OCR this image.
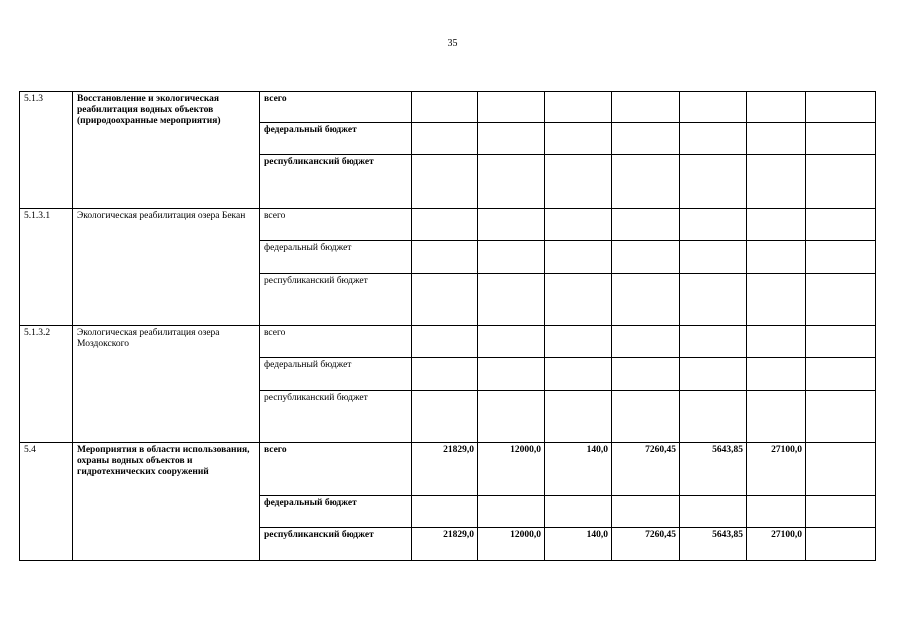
35
5.1.3	Восстановление и экологическая реабилитация водных объектов (природоохранные мероприятия)	всего							
		федеральный бюджет							
		республиканский бюджет							
5.1.3.1	Экологическая реабилитация озера Бекан	всего							
		федеральный бюджет							
		республиканский бюджет							
5.1.3.2	Экологическая реабилитация озера Моздокского	всего							
		федеральный бюджет							
		республиканский бюджет							
5.4	Мероприятия в области использования, охраны водных объектов и гидротехнических сооружений	всего	21829,0	12000,0	140,0	7260,45	5643,85	27100,0	
		федеральный бюджет							
		республиканский бюджет	21829,0	12000,0	140,0	7260,45	5643,85	27100,0	
